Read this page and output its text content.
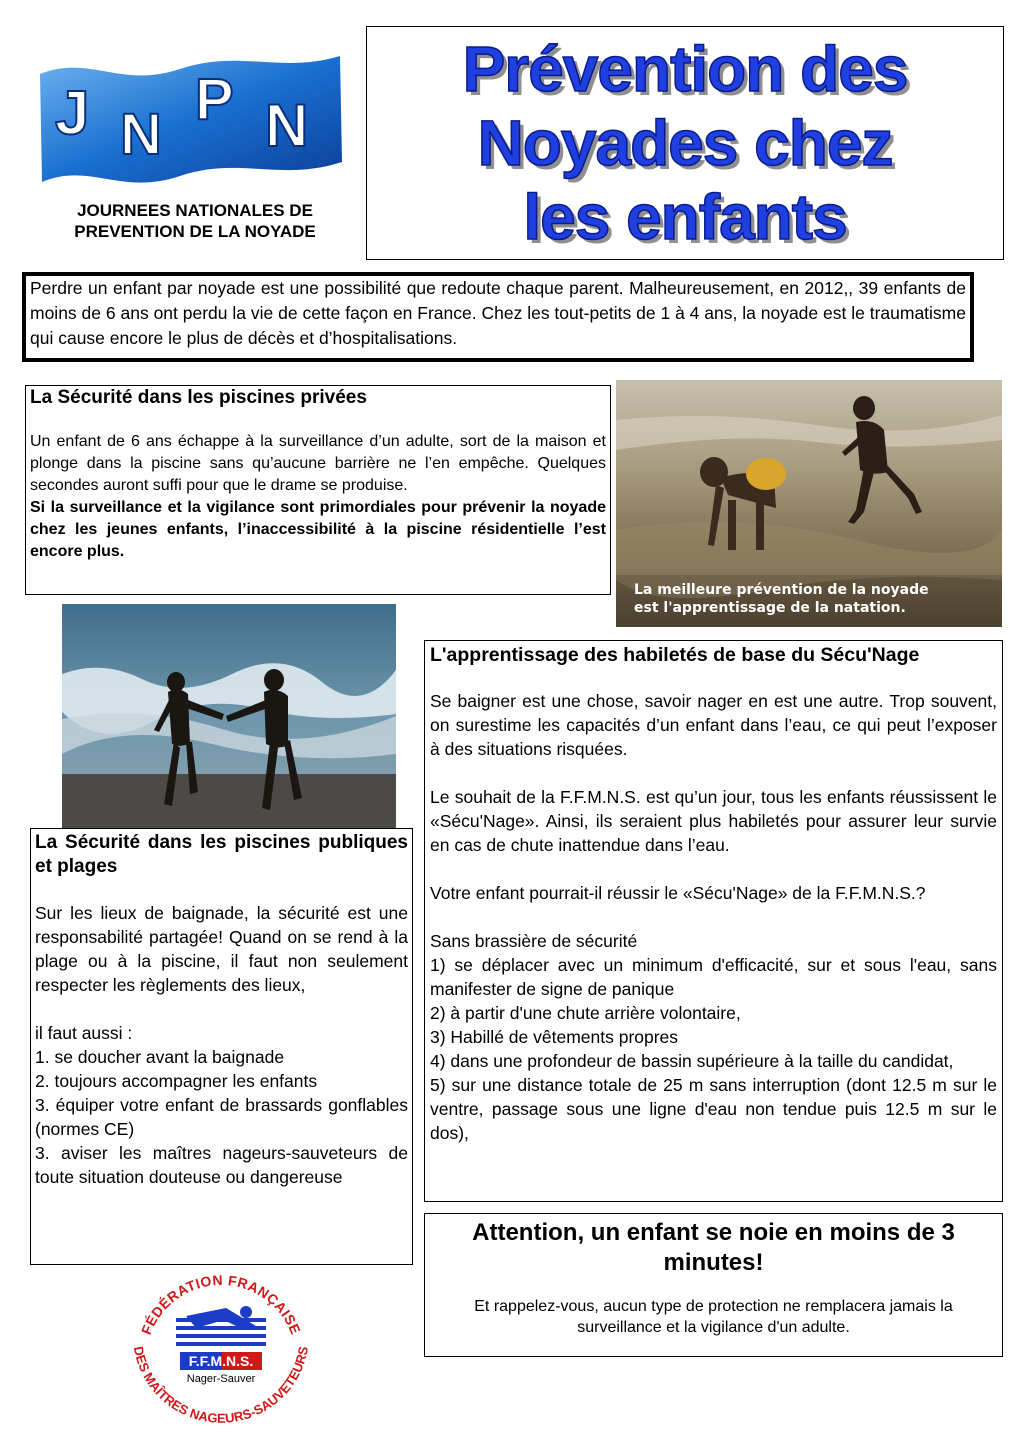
J N
P N
JOURNEES NATIONALES DE
PREVENTION DE LA NOYADE
Prévention des
Noyades chez
les enfants

Perdre un enfant par noyade est une possibilité que redoute chaque parent. Malheureusement, en 2012,, 39 enfants de moins de 6 ans ont perdu la vie de cette façon en France. Chez les tout-petits de 1 à 4 ans, la noyade est le traumatisme qui cause encore le plus de décès et d’hospitalisations.

La Sécurité dans les piscines privées

Un enfant de 6 ans échappe à la surveillance d’un adulte, sort de la maison et plonge dans la piscine sans qu’aucune barrière ne l’en empêche. Quelques secondes auront suffi pour que le drame se produise.

Si la surveillance et la vigilance sont primordiales pour prévenir la noyade chez les jeunes enfants, l’inaccessibilité à la piscine résidentielle l’est encore plus.

La meilleure prévention de la noyade
est l'apprentissage de la natation.
La Sécurité dans les piscines publiques et plages

Sur les lieux de baignade, la sécurité est une responsabilité partagée! Quand on se rend à la plage ou à la piscine, il faut non seulement respecter les règlements des lieux,

il faut aussi :

1. se doucher avant la baignade

2. toujours accompagner les enfants

3. équiper votre enfant de brassards gonflables (normes CE)

3. aviser les maîtres nageurs-sauveteurs de toute situation douteuse ou dangereuse

L'apprentissage des habiletés de base du Sécu'Nage

Se baigner est une chose, savoir nager en est une autre. Trop souvent, on surestime les capacités d’un enfant dans l’eau, ce qui peut l’exposer à des situations risquées.

Le souhait de la F.F.M.N.S. est qu’un jour, tous les enfants réussissent le «Sécu'Nage». Ainsi, ils seraient plus habiletés pour assurer leur survie en cas de chute inattendue dans l’eau.

Votre enfant pourrait-il réussir le «Sécu'Nage» de la F.F.M.N.S.?

Sans brassière de sécurité

1) se déplacer avec un minimum d'efficacité, sur et sous l'eau, sans manifester de signe de panique

2) à partir d'une chute arrière volontaire,

3) Habillé de vêtements propres

4) dans une profondeur de bassin supérieure à la taille du candidat,

5) sur une distance totale de 25 m sans interruption (dont 12.5 m sur le ventre, passage sous une ligne d'eau non tendue puis 12.5 m sur le dos),

Attention, un enfant se noie en moins de 3 minutes!
Et rappelez-vous, aucun type de protection ne remplacera jamais la surveillance et la vigilance d'un adulte.
FÉDÉRATION FRANÇAISE
DES MAÎTRES NAGEURS-SAUVETEURS
F.F.M.N.S.
Nager-Sauver
